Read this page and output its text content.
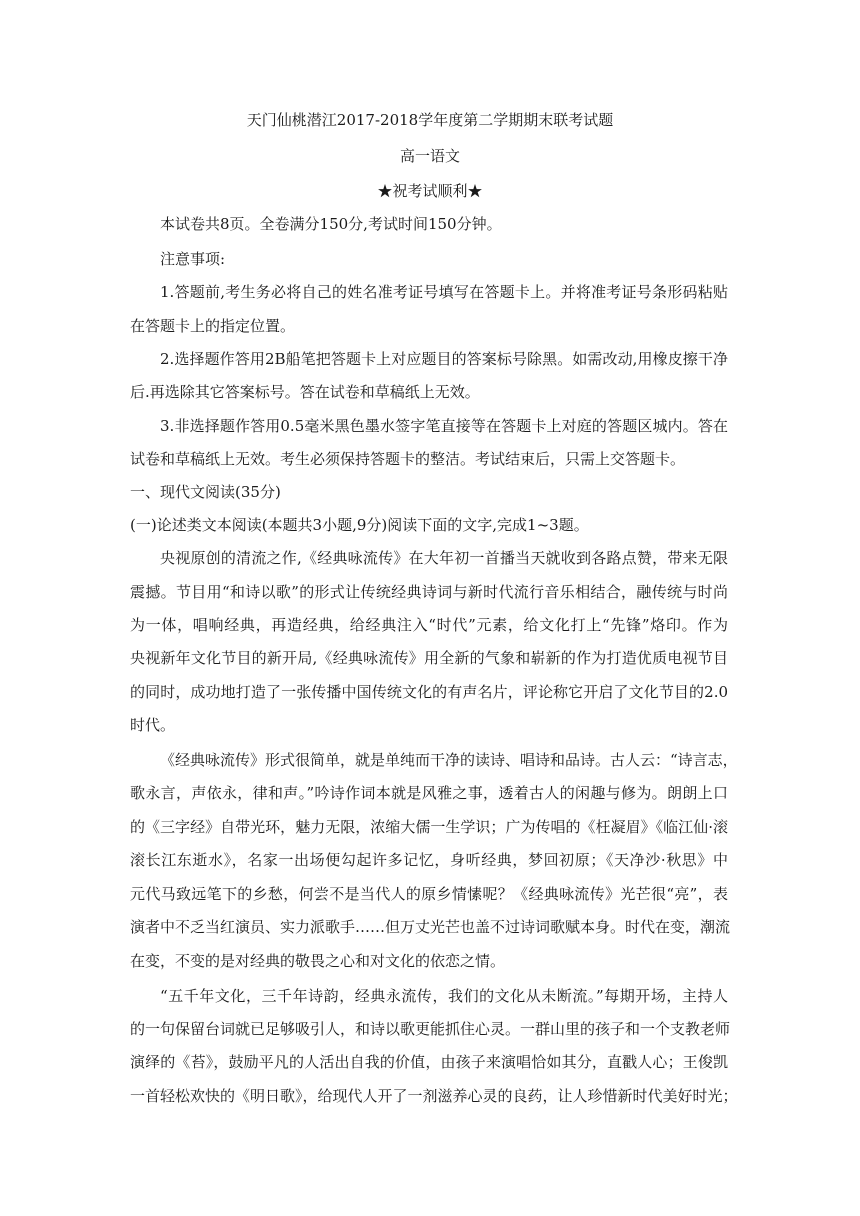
天门仙桃潜江2017-2018学年度第二学期期末联考试题
高一语文
★祝考试顺利★
本试卷共8页。全卷满分150分,考试时间150分钟。
注意事项:
1.答题前,考生务必将自己的姓名准考证号填写在答题卡上。并将准考证号条形码粘贴
在答题卡上的指定位置。
2.选择题作答用2B船笔把答题卡上对应题目的答案标号除黑。如需改动,用橡皮擦干净
后.再选除其它答案标号。答在试卷和草稿纸上无效。
3.非选择题作答用0.5毫米黑色墨水签字笔直接等在答题卡上对庭的答题区城内。答在
试卷和草稿纸上无效。考生必须保持答题卡的整洁。考试结束后，只需上交答题卡。
一、现代文阅读(35分)
(一)论述类文本阅读(本题共3小题,9分)阅读下面的文字,完成1~3题。
央视原创的清流之作,《经典咏流传》在大年初一首播当天就收到各路点赞，带来无限
震撼。节目用“和诗以歌”的形式让传统经典诗词与新时代流行音乐相结合，融传统与时尚
为一体，唱响经典，再造经典，给经典注入“时代”元素，给文化打上“先锋”烙印。作为
央视新年文化节目的新开局,《经典咏流传》用全新的气象和崭新的作为打造优质电视节目
的同时，成功地打造了一张传播中国传统文化的有声名片，评论称它开启了文化节目的2.0
时代。
《经典咏流传》形式很简单，就是单纯而干净的读诗、唱诗和品诗。古人云：“诗言志，
歌永言，声依永，律和声。”吟诗作词本就是风雅之事，透着古人的闲趣与修为。朗朗上口
的《三字经》自带光环，魅力无限，浓缩大儒一生学识；广为传唱的《枉凝眉》《临江仙·滚
滚长江东逝水》，名家一出场便勾起许多记忆，身听经典，梦回初原；《天净沙·秋思》中
元代马致远笔下的乡愁，何尝不是当代人的原乡情愫呢？《经典咏流传》光芒很“亮”，表
演者中不乏当红演员、实力派歌手……但万丈光芒也盖不过诗词歌赋本身。时代在变，潮流
在变，不变的是对经典的敬畏之心和对文化的依恋之情。
“五千年文化，三千年诗韵，经典永流传，我们的文化从未断流。”每期开场，主持人
的一句保留台词就已足够吸引人，和诗以歌更能抓住心灵。一群山里的孩子和一个支教老师
演绎的《苔》，鼓励平凡的人活出自我的价值，由孩子来演唱恰如其分，直戳人心；王俊凯
一首轻松欢快的《明日歌》，给现代人开了一剂滋养心灵的良药，让人珍惜新时代美好时光；
